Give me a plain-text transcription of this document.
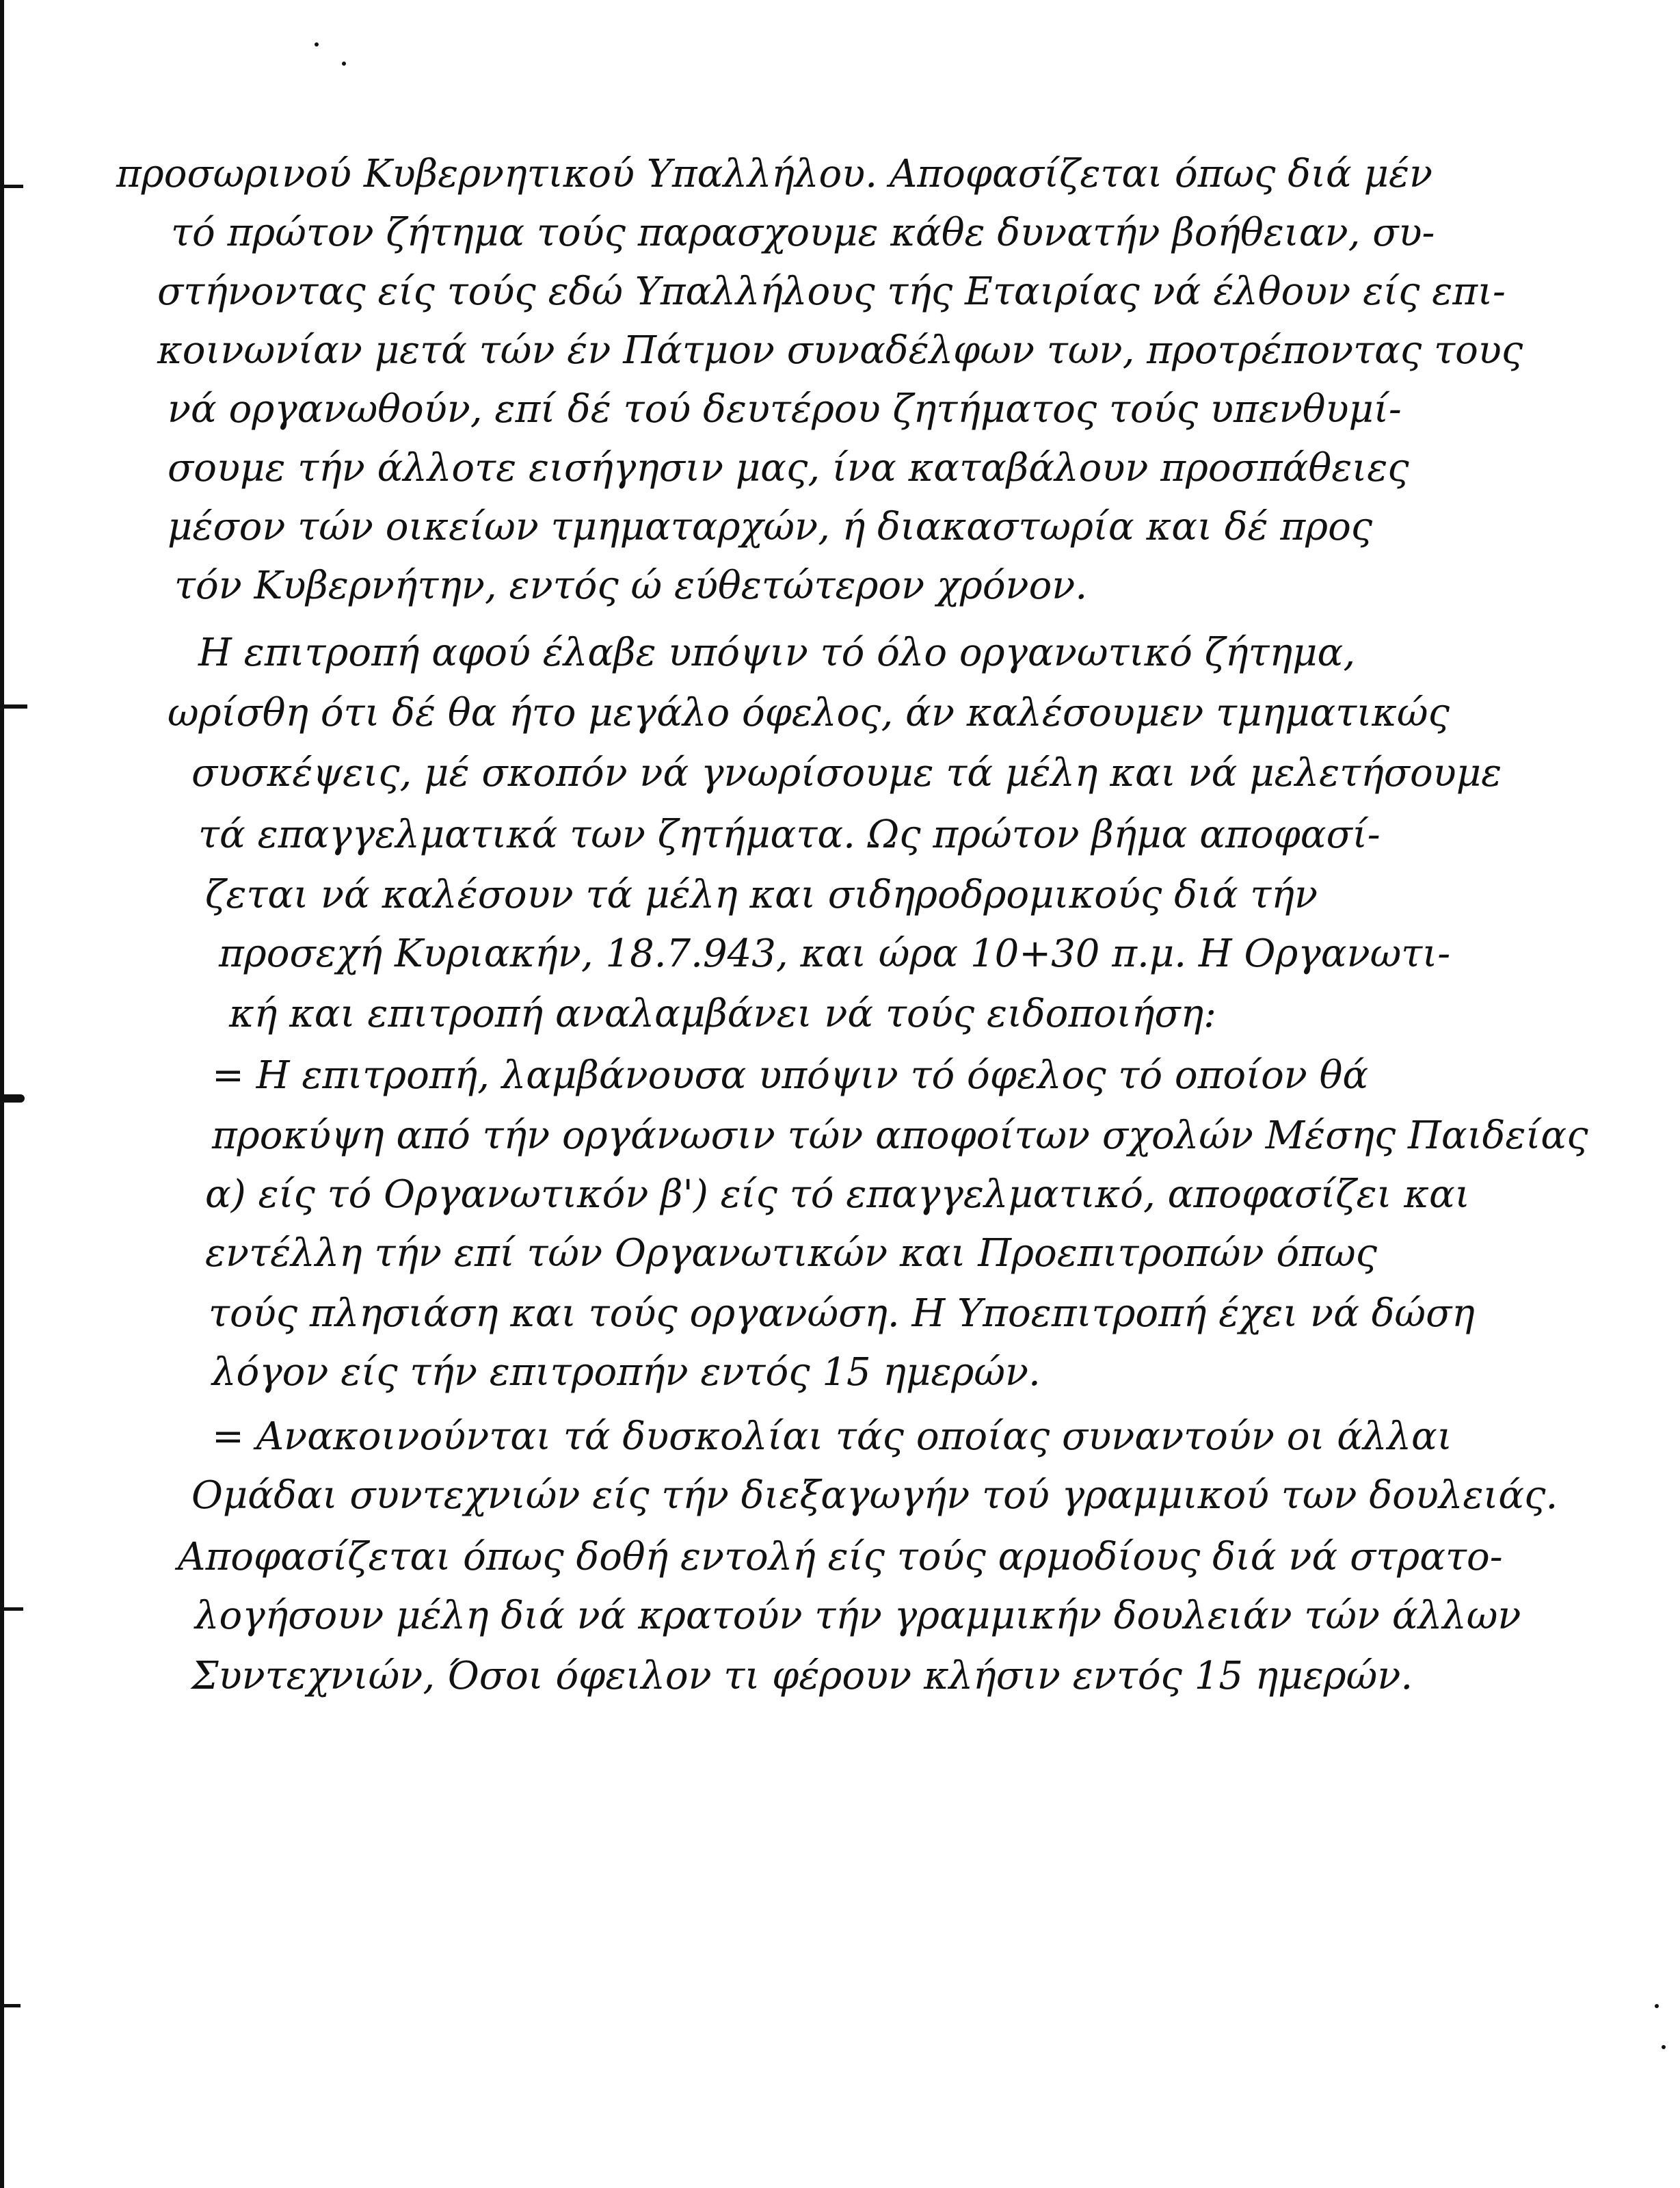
προσωρινού Κυβερνητικού Υπαλλήλου. Αποφασίζεται όπως διά μέν
τό πρώτον ζήτημα τούς παρασχουμε κάθε δυνατήν βοήθειαν, συ-
στήνοντας είς τούς εδώ Υπαλλήλους τής Εταιρίας νά έλθουν είς επι-
κοινωνίαν μετά τών έν Πάτμον συναδέλφων των, προτρέποντας τους
νά οργανωθούν, επί δέ τού δευτέρου ζητήματος τούς υπενθυμί-
σουμε τήν άλλοτε εισήγησιν μας, ίνα καταβάλουν προσπάθειες
μέσον τών οικείων τμηματαρχών, ή διακαστωρία και δέ προς
τόν Κυβερνήτην, εντός ώ εύθετώτερον χρόνον.
Η επιτροπή αφού έλαβε υπόψιν τό όλο οργανωτικό ζήτημα,
ωρίσθη ότι δέ θα ήτο μεγάλο όφελος, άν καλέσουμεν τμηματικώς
συσκέψεις, μέ σκοπόν νά γνωρίσουμε τά μέλη και νά μελετήσουμε
τά επαγγελματικά των ζητήματα. Ως πρώτον βήμα αποφασί-
ζεται νά καλέσουν τά μέλη και σιδηροδρομικούς διά τήν
προσεχή Κυριακήν, 18.7.943, και ώρα 10+30 π.μ. Η Οργανωτι-
κή και επιτροπή αναλαμβάνει νά τούς ειδοποιήση:
= Η επιτροπή, λαμβάνουσα υπόψιν τό όφελος τό οποίον θά
προκύψη από τήν οργάνωσιν τών αποφοίτων σχολών Μέσης Παιδείας
α) είς τό Οργανωτικόν β') είς τό επαγγελματικό, αποφασίζει και
εντέλλη τήν επί τών Οργανωτικών και Προεπιτροπών όπως
τούς πλησιάση και τούς οργανώση. Η Υποεπιτροπή έχει νά δώση
λόγον είς τήν επιτροπήν εντός 15 ημερών.
= Ανακοινούνται τά δυσκολίαι τάς οποίας συναντούν οι άλλαι
Ομάδαι συντεχνιών είς τήν διεξαγωγήν τού γραμμικού των δουλειάς.
Αποφασίζεται όπως δοθή εντολή είς τούς αρμοδίους διά νά στρατο-
λογήσουν μέλη διά νά κρατούν τήν γραμμικήν δουλειάν τών άλλων
Συντεχνιών, Όσοι όφειλον τι φέρουν κλήσιν εντός 15 ημερών.
